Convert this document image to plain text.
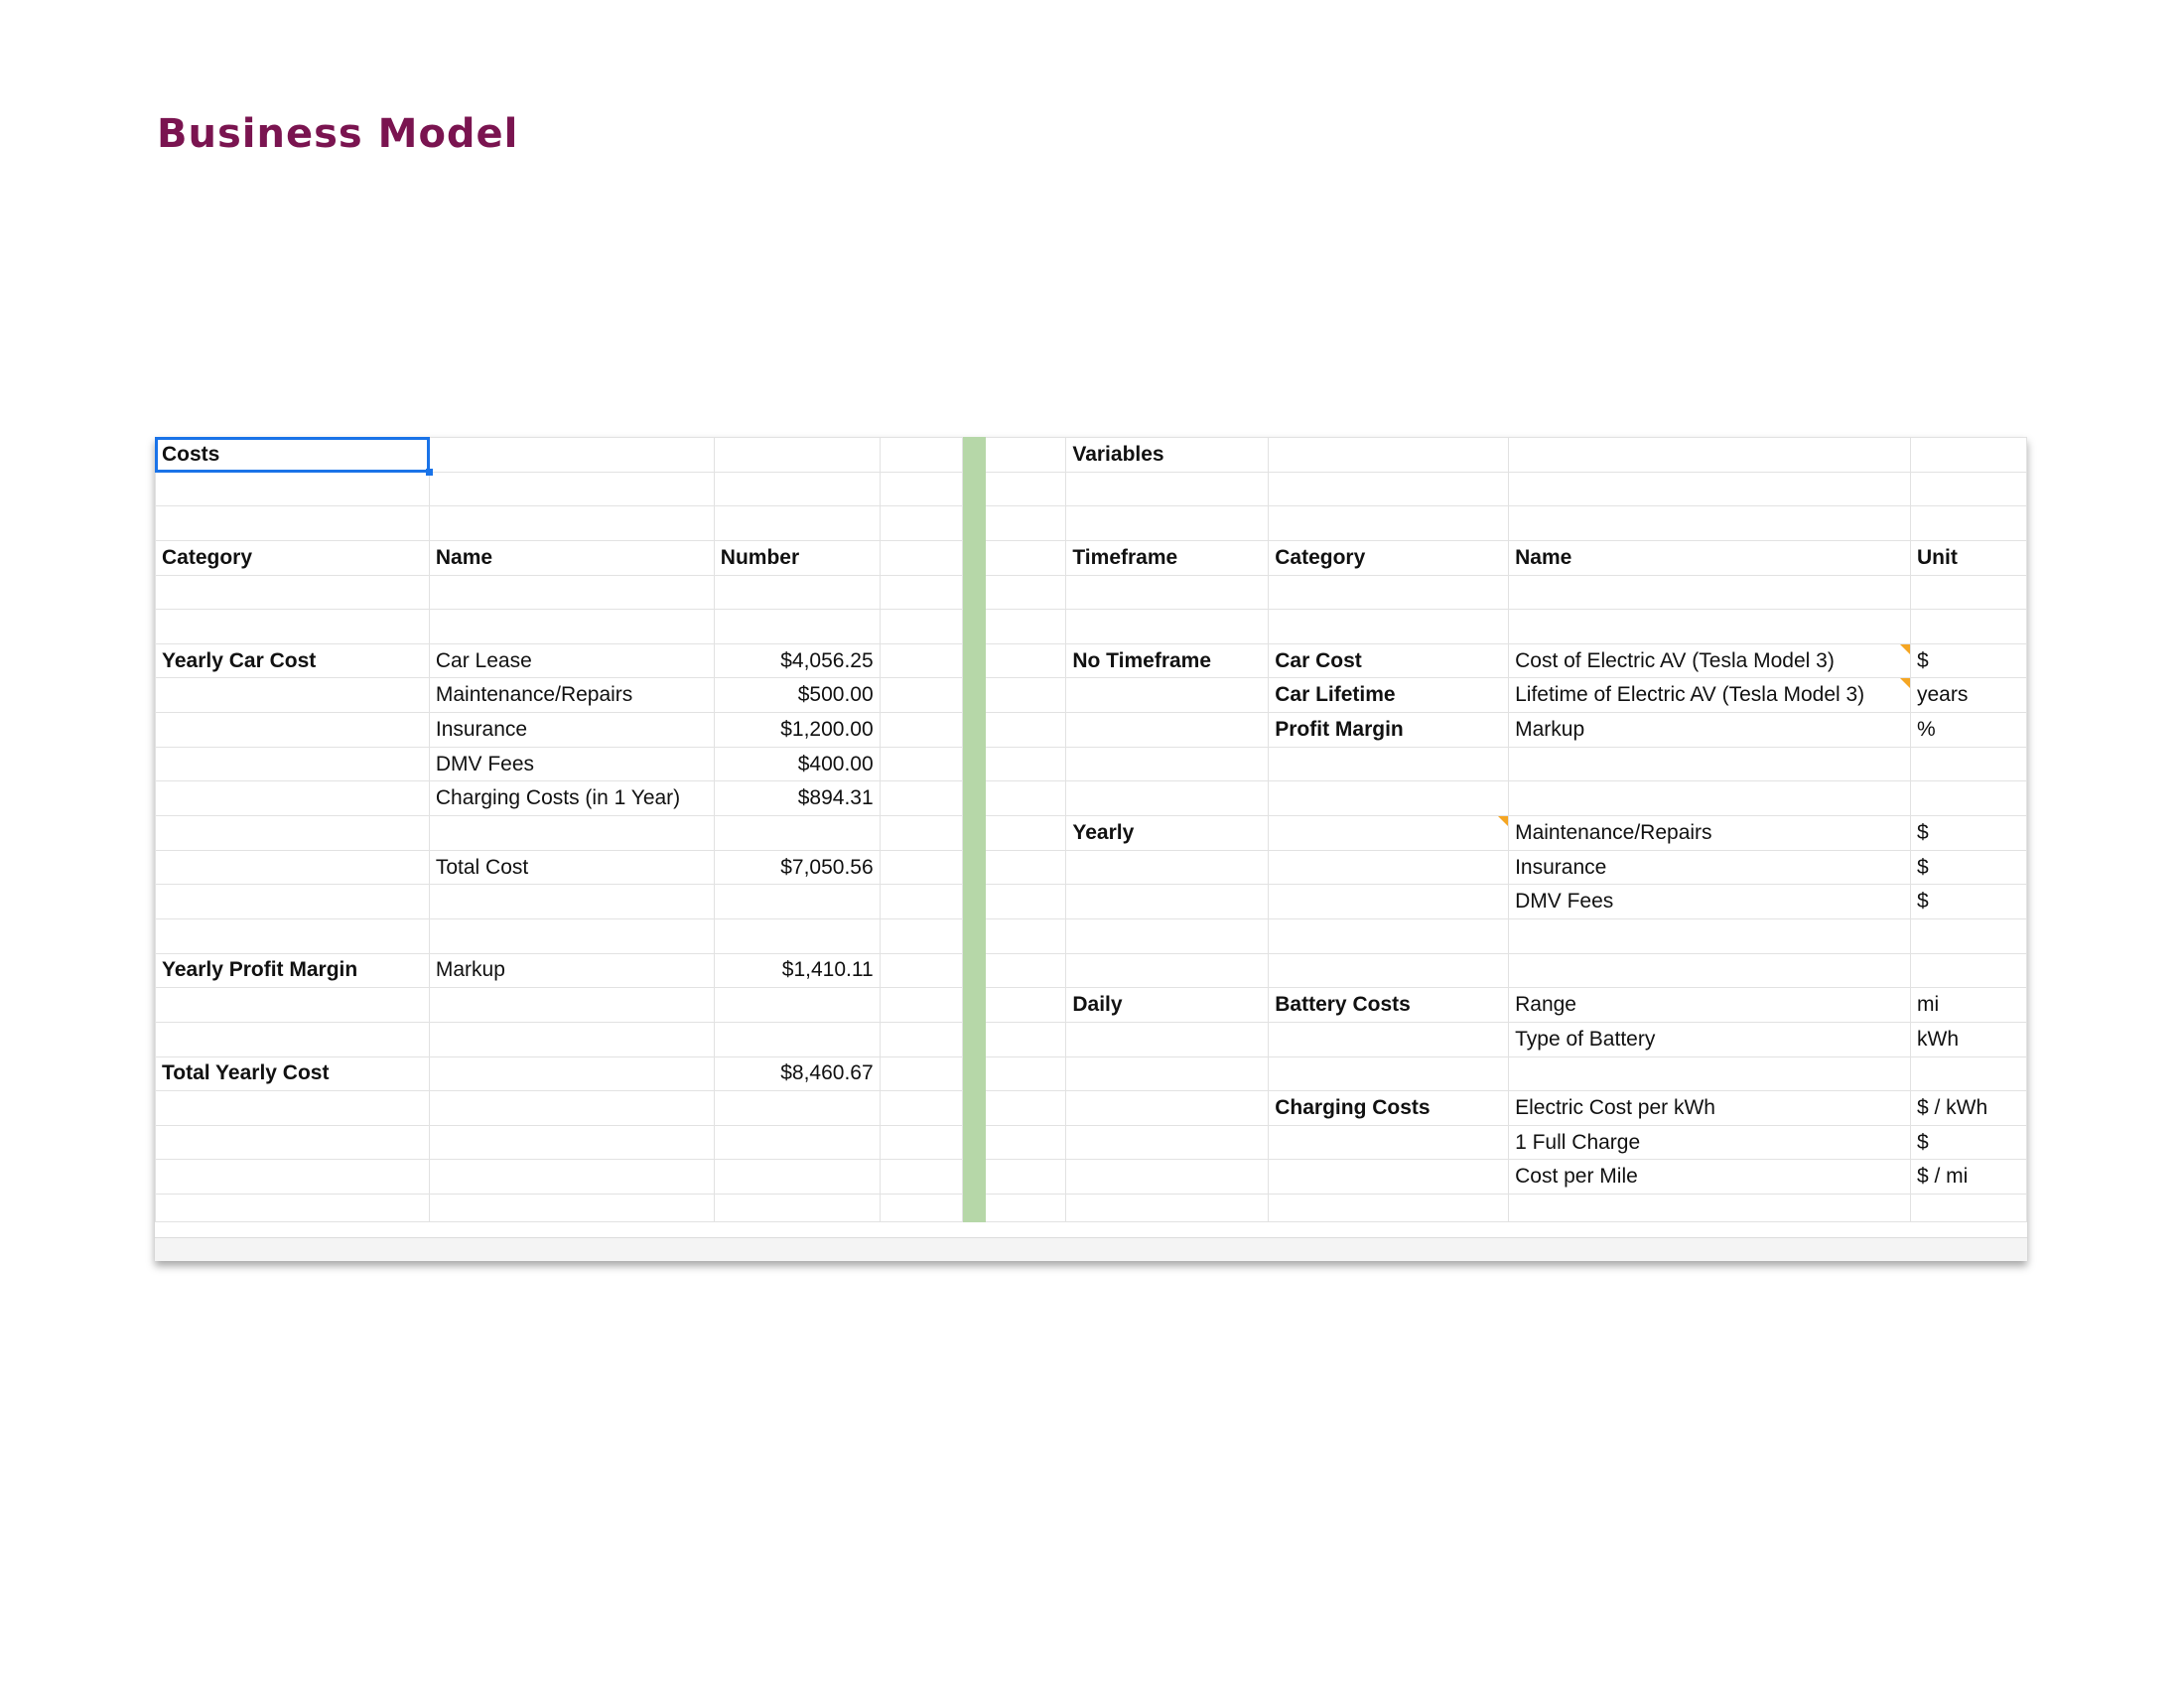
Business Model
Costs						Variables			

Category	Name	Number				Timeframe	Category	Name	Unit

Yearly Car Cost	Car Lease	$4,056.25				No Timeframe	Car Cost	Cost of Electric AV (Tesla Model 3)	$
	Maintenance/Repairs	$500.00					Car Lifetime	Lifetime of Electric AV (Tesla Model 3)	years
	Insurance	$1,200.00					Profit Margin	Markup	%
	DMV Fees	$400.00							
	Charging Costs (in 1 Year)	$894.31							
						Yearly		Maintenance/Repairs	$
	Total Cost	$7,050.56						Insurance	$
								DMV Fees	$

Yearly Profit Margin	Markup	$1,410.11							
						Daily	Battery Costs	Range	mi
								Type of Battery	kWh
Total Yearly Cost		$8,460.67							
							Charging Costs	Electric Cost per kWh	$ / kWh
								1 Full Charge	$
								Cost per Mile	$ / mi
